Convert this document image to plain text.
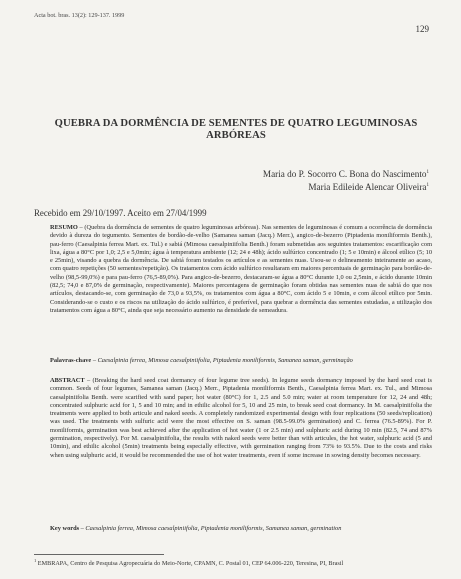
Acta bot. bras. 13(2): 129-137. 1999
129
QUEBRA DA DORMÊNCIA DE SEMENTES DE QUATRO LEGUMINOSAS ARBÓREAS
Maria do P. Socorro C. Bona do Nascimento$^1$
Maria Edileide Alencar Oliveira$^1$
Recebido em 29/10/1997. Aceito em 27/04/1999
RESUMO – (Quebra da dormência de sementes de quatro leguminosas arbóreas). Nas sementes de leguminosas é comum a ocorrência de dormência devido à dureza do tegumento. Sementes de bordão-de-velho (Samanea saman (Jacq.) Merr.), angico-de-bezerro (Piptadenia moniliformis Benth.), pau-ferro (Caesalpinia ferrea Mart. ex. Tul.) e sabiá (Mimosa caesalpiniifolia Benth.) foram submetidas aos seguintes tratamentos: escarificação com lixa, água a 80°C por 1,0; 2,5 e 5,0min; água à temperatura ambiente (12; 24 e 48h); ácido sulfúrico concentrado (1; 5 e 10min) e álcool etílico (5; 10 e 25min), visando a quebra da dormência. De sabiá foram testados os artículos e as sementes nuas. Usou-se o delineamento inteiramente ao acaso, com quatro repetições (50 sementes/repetição). Os tratamentos com ácido sulfúrico resultaram em maiores percentuais de germinação para bordão-de-velho (98,5-99,0%) e para pau-ferro (76,5-89,0%). Para angico-de-bezerro, destacaram-se água a 80°C durante 1,0 ou 2,5min, e ácido durante 10min (82,5; 74,0 e 87,0% de germinação, respectivamente). Maiores percentagens de germinação foram obtidas nas sementes nuas de sabiá do que nos artículos, destacando-se, com germinação de 73,0 a 93,5%, os tratamentos com água a 80°C, com ácido 5 e 10min, e com álcool etílico por 5min. Considerando-se o custo e os riscos na utilização do ácido sulfúrico, é preferível, para quebrar a dormência das sementes estudadas, a utilização dos tratamentos com água a 80°C, ainda que seja necessário aumento na densidade de semeadura.
Palavras-chave – Caesalpinia ferrea, Mimosa caesalpiniifolia, Piptadenia moniliformis, Samanea saman, germinação
ABSTRACT – (Breaking the hard seed coat dormancy of four legume tree seeds). In legume seeds dormancy imposed by the hard seed coat is common. Seeds of four legumes, Samanea saman (Jacq.) Merr., Piptadenia moniliformis Benth., Caesalpinia ferrea Mart. ex. Tul., and Mimosa caesalpiniifolia Benth. were scarified with sand paper; hot water (80°C) for 1, 2.5 and 5.0 min; water at room temperature for 12, 24 and 48h; concentrated sulphuric acid for 1, 5 and 10 min; and in ethilic alcohol for 5, 10 and 25 min, to break seed coat dormancy. In M. caesalpiniifolia the treatments were applied to both articule and naked seeds. A completely randomized experimental design with four replications (50 seeds/replication) was used. The treatments with sulfuric acid were the most effective on S. saman (98.5-99.0% germination) and C. ferrea (76.5-89%). For P. moniliformis, germination was best achieved after the application of hot water (1 or 2.5 min) and sulphuric acid during 10 min (82.5, 74 and 87% germination, respectively). For M. caesalpiniifolia, the results with naked seeds were better than with articules, the hot water, sulphuric acid (5 and 10min), and ethilic alcohol (5min) treatments being especially effective, with germination ranging from 73% to 93.5%. Due to the costs and risks when using sulphuric acid, it would be recommended the use of hot water treatments, even if some increase in sowing density becomes necessary.
Key words – Caesalpinia ferrea, Mimosa caesalpiniifolia, Piptadenia moniliformis, Samanea saman, germination
$^1$ EMBRAPA, Centro de Pesquisa Agropecuária do Meio-Norte, CPAMN, C. Postal 01, CEP 64.006-220, Teresina, PI, Brasil
